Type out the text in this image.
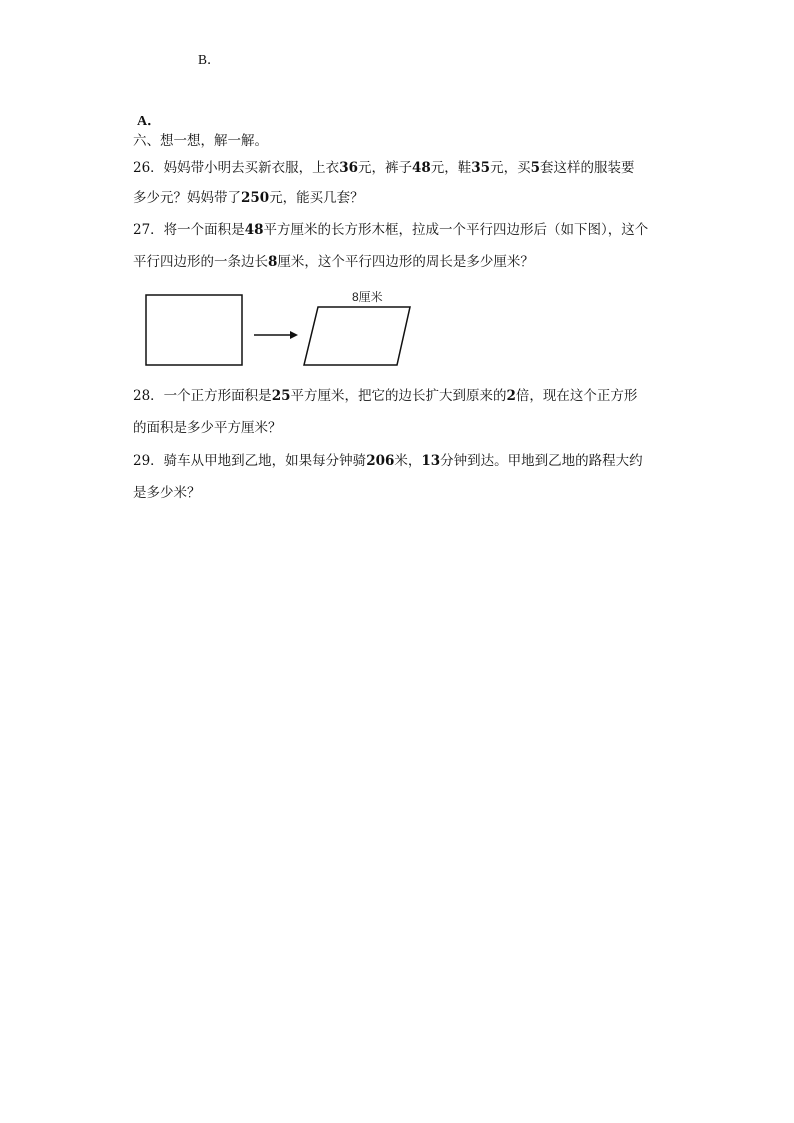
B．
A．
六、想一想，解一解。
26．妈妈带小明去买新衣服，上衣36元，裤子48元，鞋35元，买5套这样的服装要
多少元？妈妈带了250元，能买几套？
27．将一个面积是48平方厘米的长方形木框，拉成一个平行四边形后（如下图），这个
平行四边形的一条边长8厘米，这个平行四边形的周长是多少厘米？
8厘米
28．一个正方形面积是25平方厘米，把它的边长扩大到原来的2倍，现在这个正方形
的面积是多少平方厘米？
29．骑车从甲地到乙地，如果每分钟骑206米，13分钟到达。甲地到乙地的路程大约
是多少米？
